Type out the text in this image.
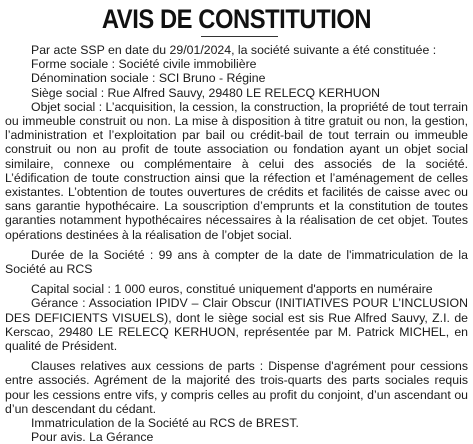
AVIS DE CONSTITUTION

Par acte SSP en date du 29/01/2024, la société suivante a été constituée :

Forme sociale : Société civile immobilière

Dénomination sociale : SCI Bruno - Régine

Siège social : Rue Alfred Sauvy, 29480 LE RELECQ KERHUON

Objet social : L’acquisition, la cession, la construction, la propriété de tout terrain ou immeuble construit ou non. La mise à disposition à titre gratuit ou non, la gestion, l’administration et l’exploitation par bail ou crédit-bail de tout terrain ou immeuble construit ou non au profit de toute association ou fondation ayant un objet social similaire, connexe ou complémentaire à celui des associés de la société. L’édification de toute construction ainsi que la réfection et l’aménagement de celles existantes. L’obtention de toutes ouvertures de crédits et facilités de caisse avec ou sans garantie hypothécaire. La souscription d’emprunts et la constitution de toutes garanties notamment hypothécaires nécessaires à la réalisation de cet objet. Toutes opérations destinées à la réalisation de l’objet social.

Durée de la Société : 99 ans à compter de la date de l'immatriculation de la Société au RCS

Capital social : 1 000 euros, constitué uniquement d'apports en numéraire

Gérance : Association IPIDV – Clair Obscur (INITIATIVES POUR L’INCLUSION DES DEFICIENTS VISUELS), dont le siège social est sis Rue Alfred Sauvy, Z.I. de Kerscao, 29480 LE RELECQ KERHUON, représentée par M. Patrick MICHEL, en qualité de Président.

Clauses relatives aux cessions de parts : Dispense d'agrément pour cessions entre associés. Agrément de la majorité des trois-quarts des parts sociales requis pour les cessions entre vifs, y compris celles au profit du conjoint, d’un ascendant ou d’un descendant du cédant.

Immatriculation de la Société au RCS de BREST.

Pour avis. La Gérance
